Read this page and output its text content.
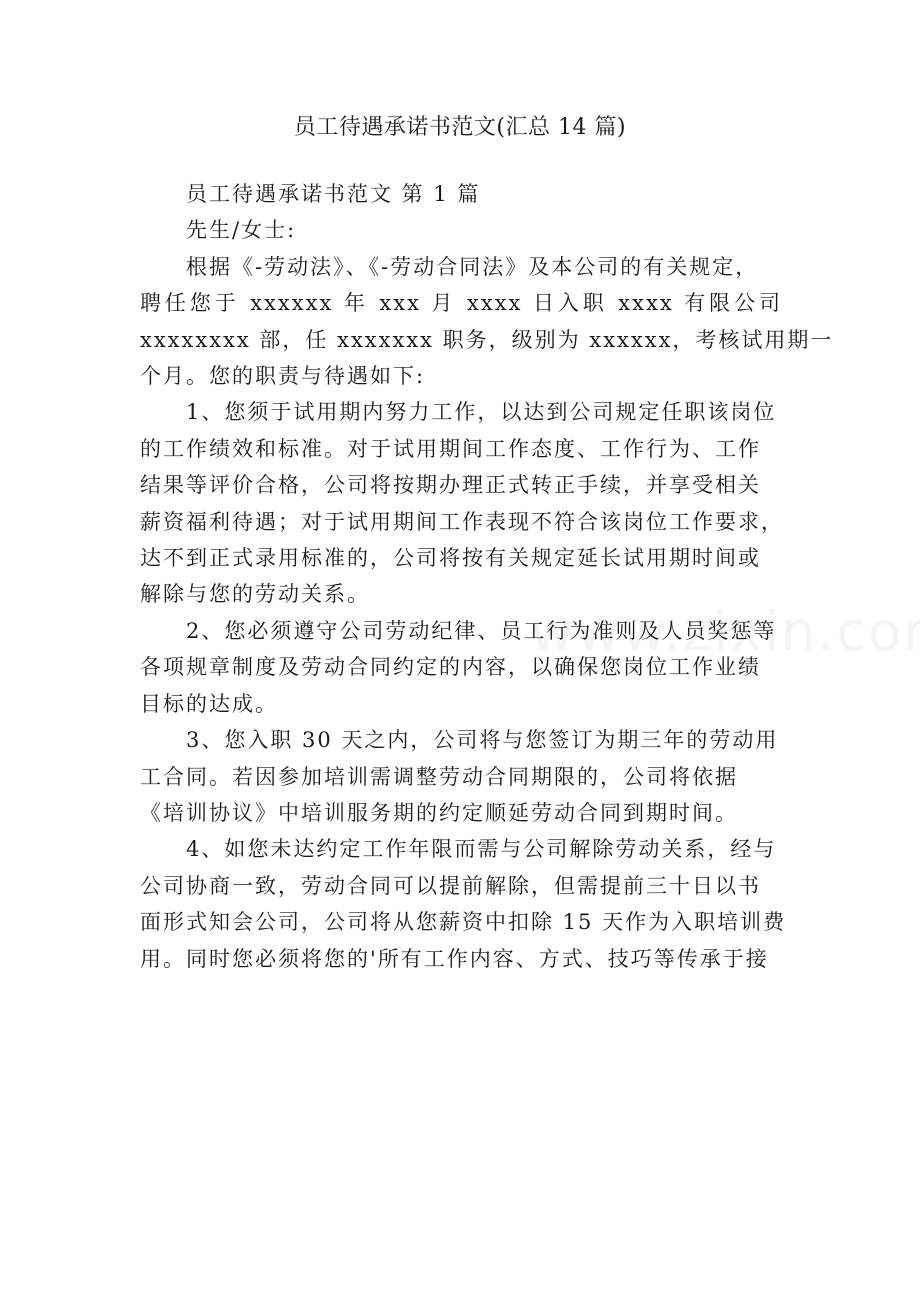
员工待遇承诺书范文(汇总 14 篇)
员工待遇承诺书范文 第 1 篇
先生/女士:
根据《-劳动法》、《-劳动合同法》及本公司的有关规定，
聘任您于 xxxxxx 年 xxx 月 xxxx 日入职 xxxx 有限公司
xxxxxxxx 部，任 xxxxxxx 职务，级别为 xxxxxx，考核试用期一
个月。您的职责与待遇如下:
1、您须于试用期内努力工作，以达到公司规定任职该岗位
的工作绩效和标准。对于试用期间工作态度、工作行为、工作
结果等评价合格，公司将按期办理正式转正手续，并享受相关
薪资福利待遇；对于试用期间工作表现不符合该岗位工作要求，
达不到正式录用标准的，公司将按有关规定延长试用期时间或
解除与您的劳动关系。
2、您必须遵守公司劳动纪律、员工行为准则及人员奖惩等
各项规章制度及劳动合同约定的内容，以确保您岗位工作业绩
目标的达成。
3、您入职 30 天之内，公司将与您签订为期三年的劳动用
工合同。若因参加培训需调整劳动合同期限的，公司将依据
《培训协议》中培训服务期的约定顺延劳动合同到期时间。
4、如您未达约定工作年限而需与公司解除劳动关系，经与
公司协商一致，劳动合同可以提前解除，但需提前三十日以书
面形式知会公司，公司将从您薪资中扣除 15 天作为入职培训费
用。同时您必须将您的'所有工作内容、方式、技巧等传承于接
